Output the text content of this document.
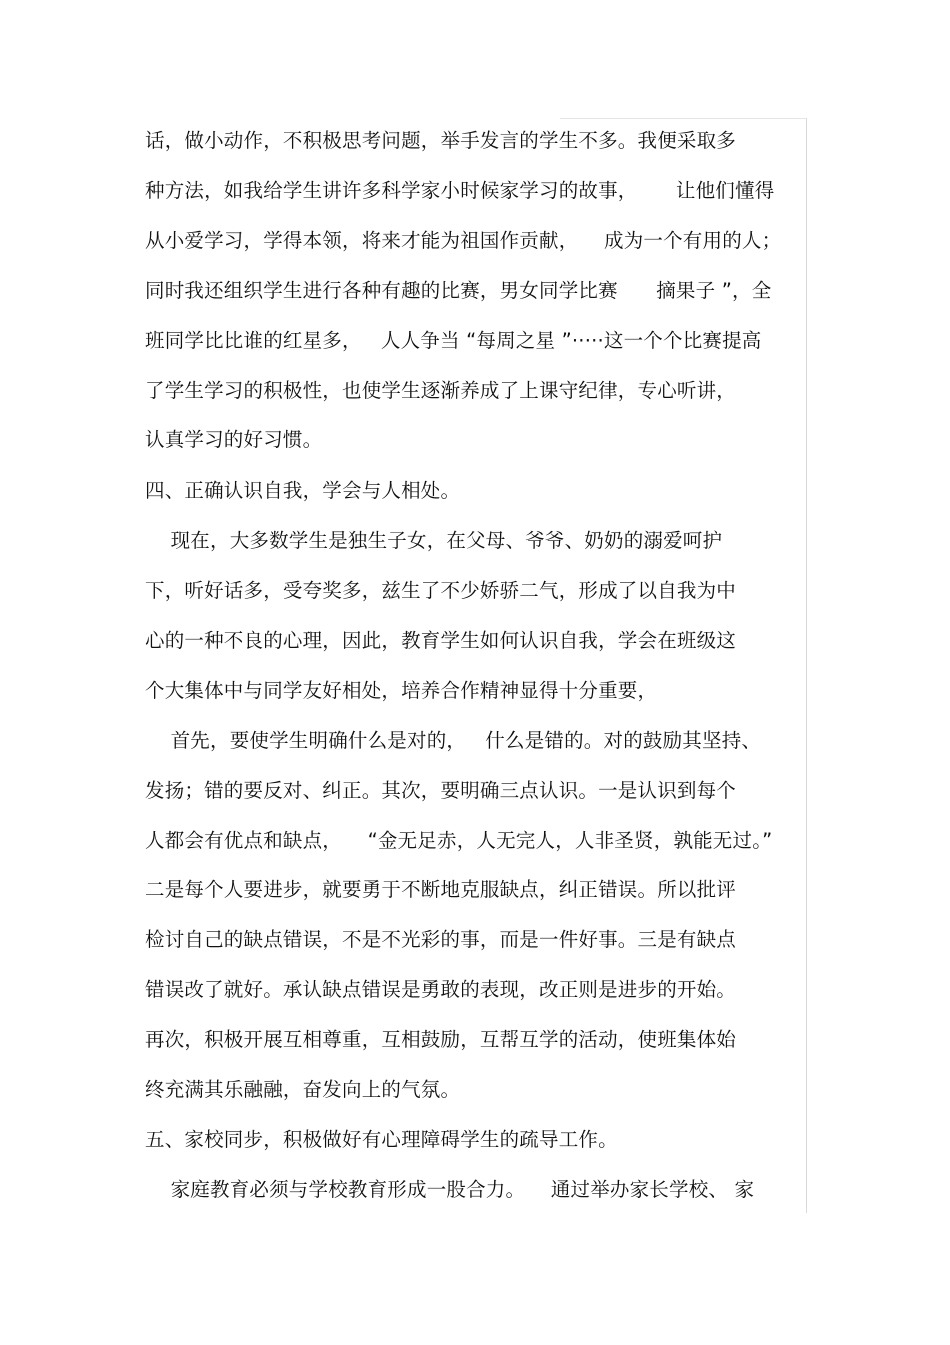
话，做小动作，不积极思考问题，举手发言的学生不多。我便采取多
种方法，如我给学生讲许多科学家小时候家学习的故事，      让他们懂得
从小爱学习，学得本领，将来才能为祖国作贡献，    成为一个有用的人；
同时我还组织学生进行各种有趣的比赛，男女同学比赛      摘果子 ”，全
班同学比比谁的红星多，   人人争当 “每周之星 ”·····这一个个比赛提高
了学生学习的积极性，也使学生逐渐养成了上课守纪律，专心听讲，
认真学习的好习惯。
四、正确认识自我，学会与人相处。
现在，大多数学生是独生子女，在父母、爷爷、奶奶的溺爱呵护
下，听好话多，受夸奖多，兹生了不少娇骄二气，形成了以自我为中
心的一种不良的心理，因此，教育学生如何认识自我，学会在班级这
个大集体中与同学友好相处，培养合作精神显得十分重要，
首先，要使学生明确什么是对的，   什么是错的。对的鼓励其坚持、
发扬；错的要反对、纠正。其次，要明确三点认识。一是认识到每个
人都会有优点和缺点，    “金无足赤，人无完人，人非圣贤，孰能无过。”
二是每个人要进步，就要勇于不断地克服缺点，纠正错误。所以批评
检讨自己的缺点错误，不是不光彩的事，而是一件好事。三是有缺点
错误改了就好。承认缺点错误是勇敢的表现，改正则是进步的开始。
再次，积极开展互相尊重，互相鼓励，互帮互学的活动，使班集体始
终充满其乐融融，奋发向上的气氛。
五、家校同步，积极做好有心理障碍学生的疏导工作。
家庭教育必须与学校教育形成一股合力。    通过举办家长学校、 家
